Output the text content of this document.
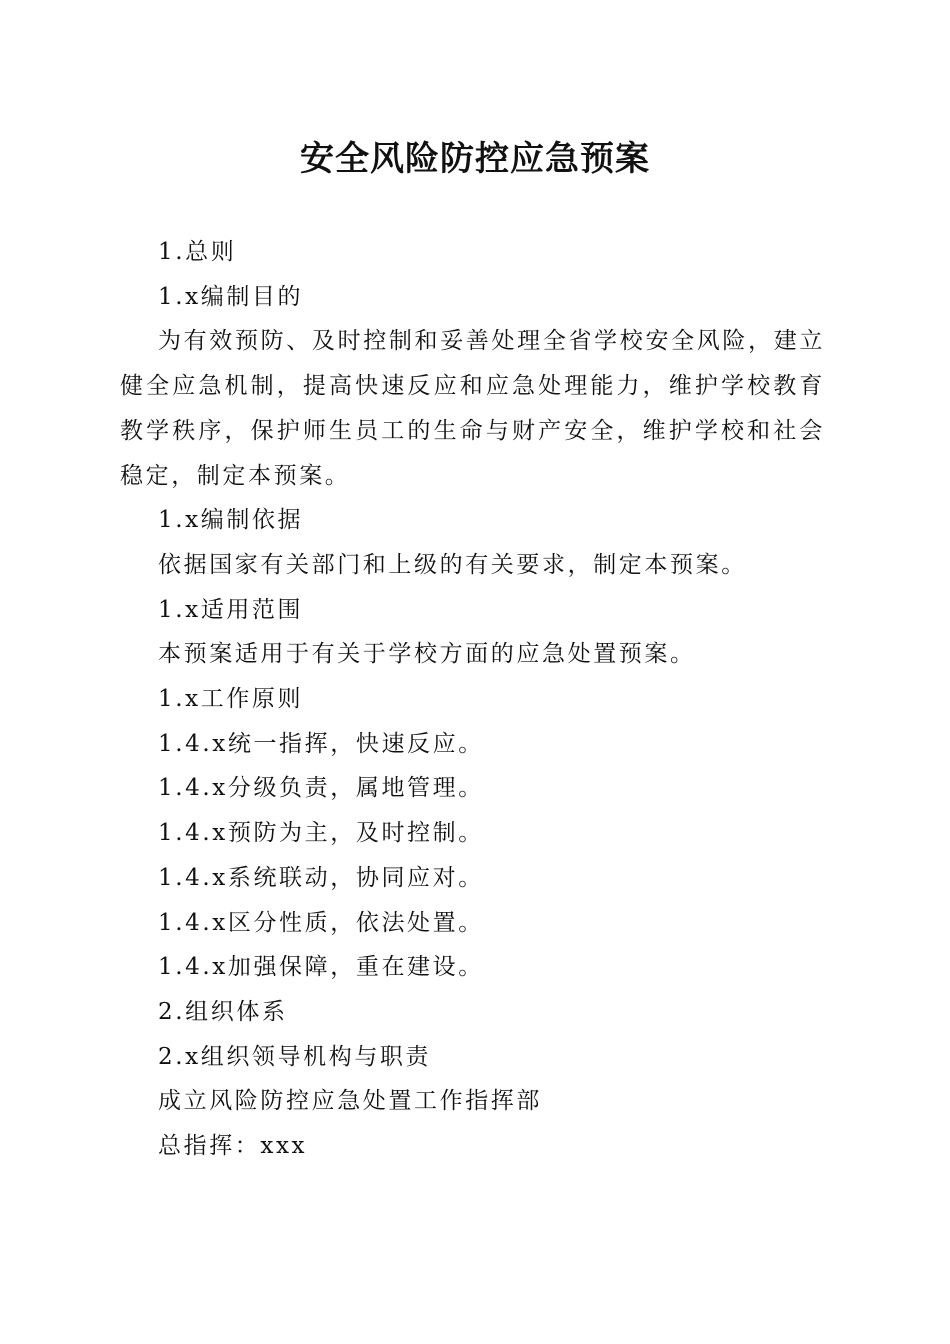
安全风险防控应急预案

1.总则

1.x编制目的

为有效预防、及时控制和妥善处理全省学校安全风险，建立健全应急机制，提高快速反应和应急处理能力，维护学校教育教学秩序，保护师生员工的生命与财产安全，维护学校和社会稳定，制定本预案。

1.x编制依据

依据国家有关部门和上级的有关要求，制定本预案。

1.x适用范围

本预案适用于有关于学校方面的应急处置预案。

1.x工作原则

1.4.x统一指挥，快速反应。

1.4.x分级负责，属地管理。

1.4.x预防为主，及时控制。

1.4.x系统联动，协同应对。

1.4.x区分性质，依法处置。

1.4.x加强保障，重在建设。

2.组织体系

2.x组织领导机构与职责

成立风险防控应急处置工作指挥部

总指挥：xxx
